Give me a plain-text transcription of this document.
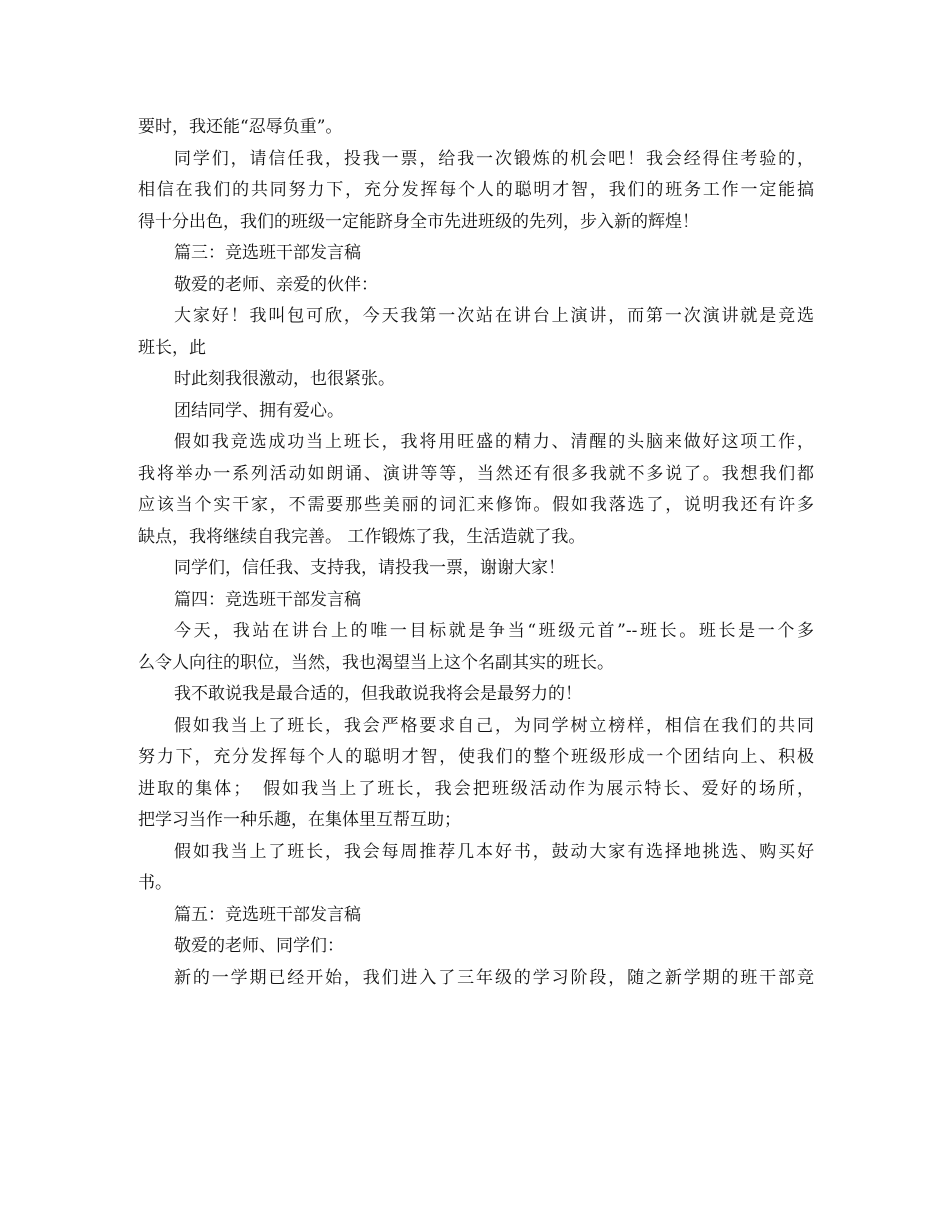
要时，我还能“忍辱负重”。
同学们，请信任我，投我一票，给我一次锻炼的机会吧！我会经得住考验的，
相信在我们的共同努力下，充分发挥每个人的聪明才智，我们的班务工作一定能搞
得十分出色，我们的班级一定能跻身全市先进班级的先列，步入新的辉煌！
篇三：竞选班干部发言稿
敬爱的老师、亲爱的伙伴：
大家好！我叫包可欣，今天我第一次站在讲台上演讲，而第一次演讲就是竞选
班长，此
时此刻我很激动，也很紧张。
团结同学、拥有爱心。
假如我竞选成功当上班长，我将用旺盛的精力、清醒的头脑来做好这项工作，
我将举办一系列活动如朗诵、演讲等等，当然还有很多我就不多说了。我想我们都
应该当个实干家，不需要那些美丽的词汇来修饰。假如我落选了，说明我还有许多
缺点，我将继续自我完善。 工作锻炼了我，生活造就了我。
同学们，信任我、支持我，请投我一票，谢谢大家！
篇四：竞选班干部发言稿
今天，我站在讲台上的唯一目标就是争当“班级元首”--班长。班长是一个多
么令人向往的职位，当然，我也渴望当上这个名副其实的班长。
我不敢说我是最合适的，但我敢说我将会是最努力的！
假如我当上了班长，我会严格要求自己，为同学树立榜样，相信在我们的共同
努力下，充分发挥每个人的聪明才智，使我们的整个班级形成一个团结向上、积极
进取的集体；　假如我当上了班长，我会把班级活动作为展示特长、爱好的场所，
把学习当作一种乐趣，在集体里互帮互助；
假如我当上了班长，我会每周推荐几本好书，鼓动大家有选择地挑选、购买好
书。
篇五：竞选班干部发言稿
敬爱的老师、同学们：
新的一学期已经开始，我们进入了三年级的学习阶段，随之新学期的班干部竞
